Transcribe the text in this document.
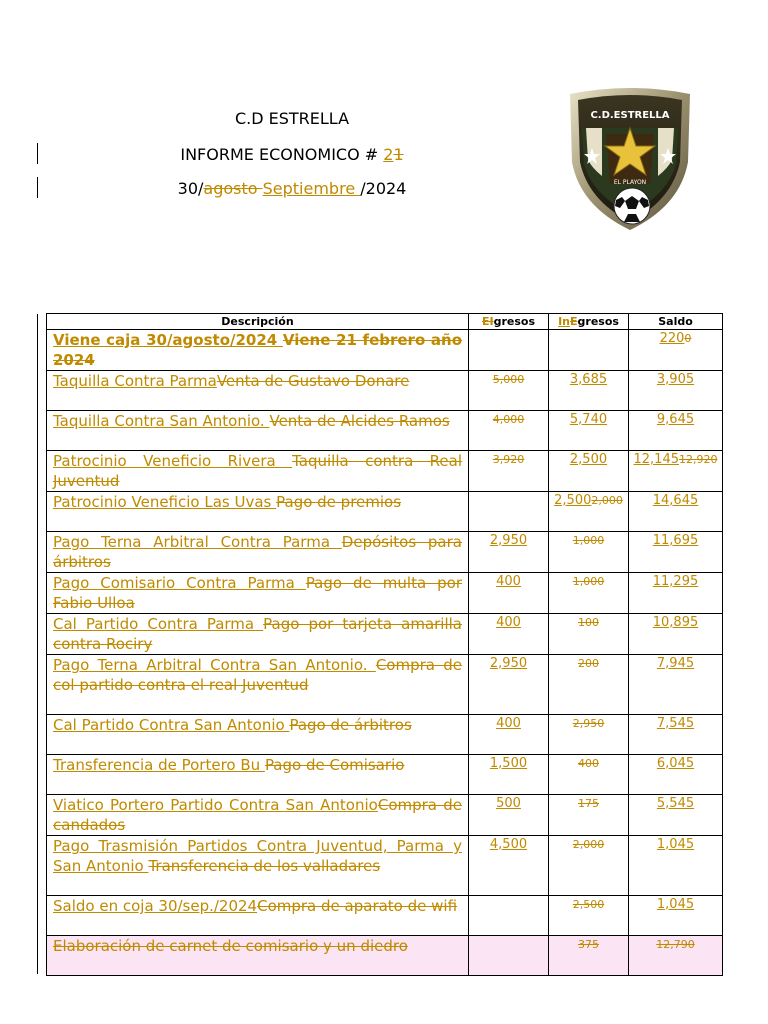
C.D ESTRELLA
INFORME ECONOMICO # 21
30/agosto Septiembre /2024
C.D.ESTRELLA
EL PLAYON
Descripción	EIgresos	InEgresos	Saldo
Viene caja 30/agosto/2024 Viene 21 febrero año 2024			2200
Taquilla Contra ParmaVenta de Gustavo Donare	5,000	3,685	3,905
Taquilla Contra San Antonio. Venta de Alcides Ramos	4,000	5,740	9,645
Patrocinio Veneficio Rivera Taquilla contra Real Juventud	3,920	2,500	12,14512,920
Patrocinio Veneficio Las Uvas Pago de premios		2,5002,000	14,645
Pago Terna Arbitral Contra Parma Depósitos para árbitros	2,950	1,000	11,695
Pago Comisario Contra Parma Pago de multa por Fabio Ulloa	400	1,000	11,295
Cal Partido Contra Parma Pago por tarjeta amarilla contra Rociry	400	100	10,895
Pago Terna Arbitral Contra San Antonio. Compra de col partido contra el real Juventud	2,950	200	7,945
Cal Partido Contra San Antonio Pago de árbitros	400	2,950	7,545
Transferencia de Portero Bu Pago de Comisario	1,500	400	6,045
Viatico Portero Partido Contra San AntonioCompra de candados	500	175	5,545
Pago Trasmisión Partidos Contra Juventud, Parma y San Antonio Transferencia de los valladares	4,500	2,000	1,045
Saldo en coja 30/sep./2024Compra de aparato de wifi		2,500	1,045
Elaboración de carnet de comisario y un diedro		375	12,790
